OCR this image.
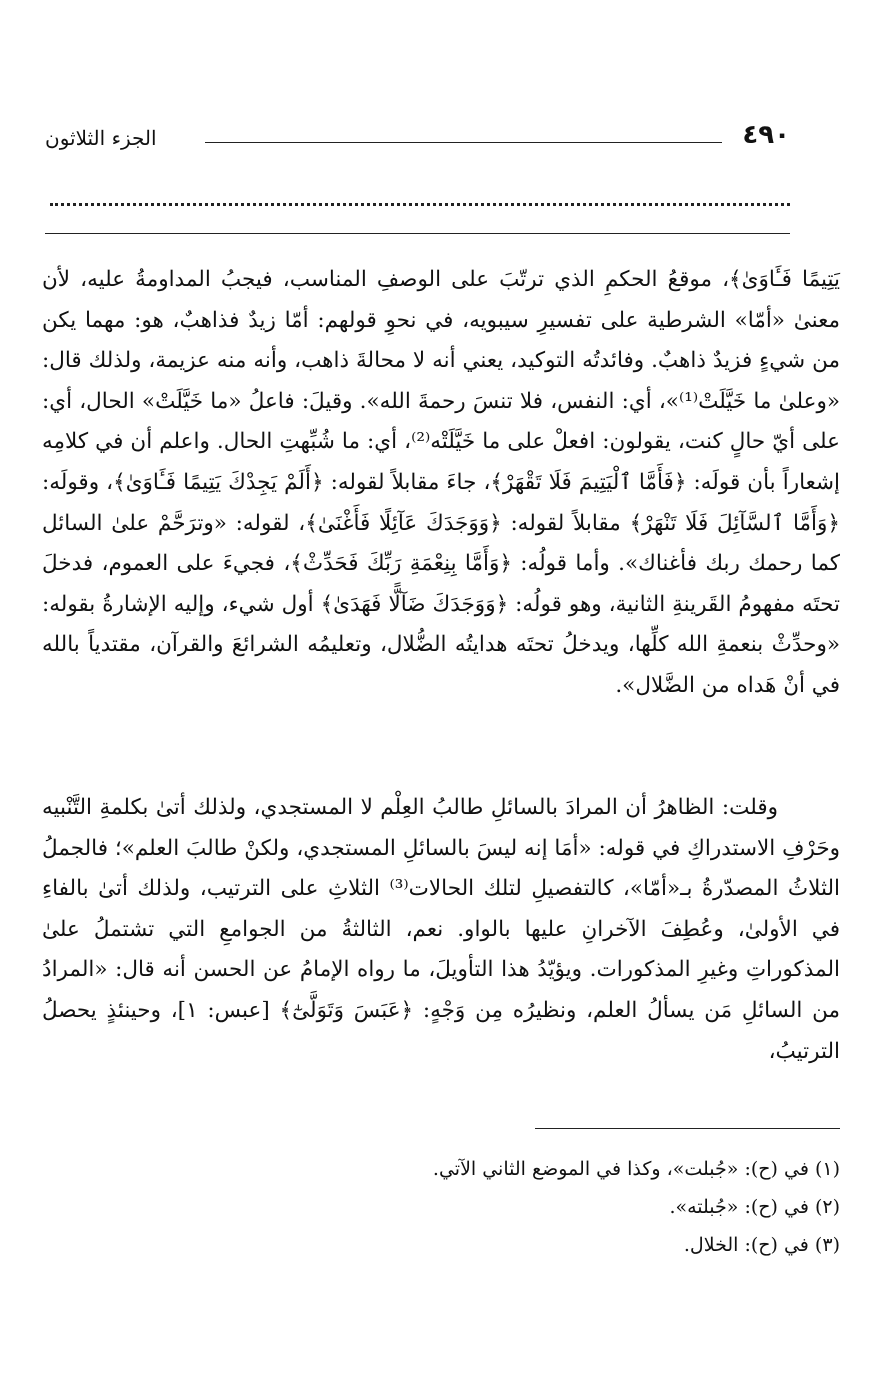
٤٩٠
الجزء الثلاثون

يَتِيمًا فَـَٔاوَىٰ﴾، موقعُ الحكمِ الذي ترتّبَ على الوصفِ المناسب، فيجبُ المداومةُ عليه، لأن معنىٰ «أمّا» الشرطية على تفسيرِ سيبويه، في نحوِ قولهم: أمّا زيدٌ فذاهبٌ، هو: مهما يكن من شيءٍ فزيدٌ ذاهبٌ. وفائدتُه التوكيد، يعني أنه لا محالةَ ذاهب، وأنه منه عزيمة، ولذلك قال: «وعلىٰ ما خَيَّلَتْ⁽¹⁾»، أي: النفس، فلا تنسَ رحمةَ الله». وقيلَ: فاعلُ «ما خَيَّلَتْ» الحال، أي: على أيّ حالٍ كنت، يقولون: افعلْ على ما خَيَّلَتْه⁽²⁾، أي: ما شُبِّهتِ الحال. واعلم أن في كلامِه إشعاراً بأن قولَه: ﴿فَأَمَّا ٱلْيَتِيمَ فَلَا تَقْهَرْ﴾، جاءَ مقابلاً لقوله: ﴿أَلَمْ يَجِدْكَ يَتِيمًا فَـَٔاوَىٰ﴾، وقولَه: ﴿وَأَمَّا ٱلسَّآئِلَ فَلَا تَنْهَرْ﴾ مقابلاً لقوله: ﴿وَوَجَدَكَ عَآئِلًا فَأَغْنَىٰ﴾، لقوله: «وترَحَّمْ علىٰ السائل كما رحمك ربك فأغناك». وأما قولُه: ﴿وَأَمَّا بِنِعْمَةِ رَبِّكَ فَحَدِّثْ﴾، فجيءَ على العموم، فدخلَ تحتَه مفهومُ القَرينةِ الثانية، وهو قولُه: ﴿وَوَجَدَكَ ضَآلًّا فَهَدَىٰ﴾ أول شيء، وإليه الإشارةُ بقوله: «وحدِّثْ بنعمةِ الله كلِّها، ويدخلُ تحتَه هدايتُه الضُّلال، وتعليمُه الشرائعَ والقرآن، مقتدياً بالله في أنْ هَداه من الضَّلال».

وقلت: الظاهرُ أن المرادَ بالسائلِ طالبُ العِلْم لا المستجدي، ولذلك أتىٰ بكلمةِ التَّنْبيه وحَرْفِ الاستدراكِ في قوله: «أمَا إنه ليسَ بالسائلِ المستجدي، ولكنْ طالبَ العلم»؛ فالجملُ الثلاثُ المصدّرةُ بـ«أمّا»، كالتفصيلِ لتلك الحالات⁽³⁾ الثلاثِ على الترتيب، ولذلك أتىٰ بالفاءِ في الأولىٰ، وعُطِفَ الآخرانِ عليها بالواو. نعم، الثالثةُ من الجوامعِ التي تشتملُ علىٰ المذكوراتِ وغيرِ المذكورات. ويؤيّدُ هذا التأويلَ، ما رواه الإمامُ عن الحسن أنه قال: «المرادُ من السائلِ مَن يسألُ العلم، ونظيرُه مِن وَجْهٍ: ﴿عَبَسَ وَتَوَلَّىٰٓ﴾ [عبس: ١]، وحينئذٍ يحصلُ الترتيبُ،

(١) في (ح): «جُبلت»، وكذا في الموضع الثاني الآتي.

(٢) في (ح): «جُبلته».

(٣) في (ح): الخلال.
